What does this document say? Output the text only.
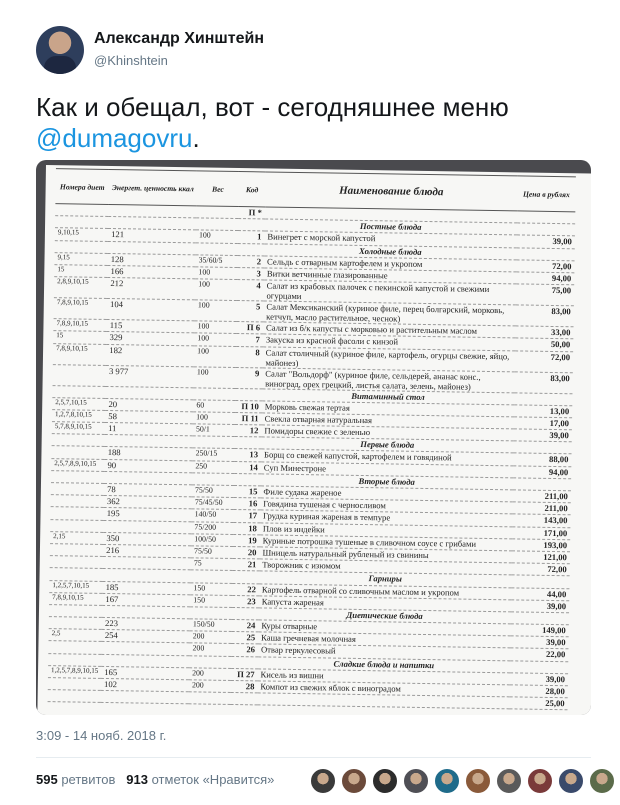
Александр Хинштейн
@Khinshtein
Как и обещал, вот - сегодняшнее меню @dumagovru.
Номера диет	Энергет. ценность ккал	Вес	Код	Наименование блюда	Цена в рублях
			П *		
				Постные блюда	
9,10,15	121	100	1	Винегрет с морской капустой	39,00
				Холодные блюда	
9,15	128	35/60/5	2	Сельдь с отварным картофелем и укропом	72,00
15	166	100	3	Витки ветчинные глазированные	94,00
2,8,9,10,15	212	100	4	Салат из крабовых палочек с пекинской капустой и свежими огурцами	75,00
7,8,9,10,15	104	100	5	Салат Мексиканский (куриное филе, перец болгарский, морковь, кетчуп, масло растительное, чеснок)	83,00
7,8,9,10,15	115	100	П 6	Салат из б/к капусты с морковью и растительным маслом	33,00
15	329	100	7	Закуска из красной фасоли с кинзой	50,00
7,8,9,10,15	182	100	8	Салат столичный (куриное филе, картофель, огурцы свежие, яйцо, майонез)	72,00
	3 977	100	9	Салат "Вольдорф" (куриное филе, сельдерей, ананас конс., виноград, орех грецкий, листья салата, зелень, майонез)	83,00
				Витаминный стол	
2,5,7,10,15	20	60	П 10	Морковь свежая тертая	13,00
1,2,7,8,10,15	58	100	П 11	Свекла отварная натуральная	17,00
5,7,8,9,10,15	11	50/1	12	Помидоры свежие с зеленью	39,00
				Первые блюда	
	188	250/15	13	Борщ со свежей капустой, картофелем и говядиной	88,00
2,5,7,8,9,10,15	90	250	14	Суп Минестроне	94,00
				Вторые блюда	
	78	75/50	15	Филе судака жареное	211,00
	362	75/45/50	16	Говядина тушеная с черносливом	211,00
	195	140/50	17	Грудка куриная жареная в темпуре	143,00
		75/200	18	Плов из индейки	171,00
2,15	350	100/50	19	Куриные потрошка тушеные в сливочном соусе с грибами	193,00
	216	75/50	20	Шницель натуральный рубленый из свинины	121,00
		75	21	Творожник с изюмом	72,00
				Гарниры	
1,2,5,7,10,15	185	150	22	Картофель отварной со сливочным маслом и укропом	44,00
7,8,9,10,15	167	150	23	Капуста жареная	39,00
				Диетические блюда	
	223	150/50	24	Куры отварные	149,00
2,5	254	200	25	Каша гречневая молочная	39,00
		200	26	Отвар геркулесовый	22,00
				Сладкие блюда и напитки	
1,2,5,7,8,9,10,15	165	200	П 27	Кисель из вишни	39,00
	102	200	28	Компот из свежих яблок с виноградом	28,00
					25,00
3:09 - 14 нояб. 2018 г.
595 ретвитов 913 отметок «Нравится»
